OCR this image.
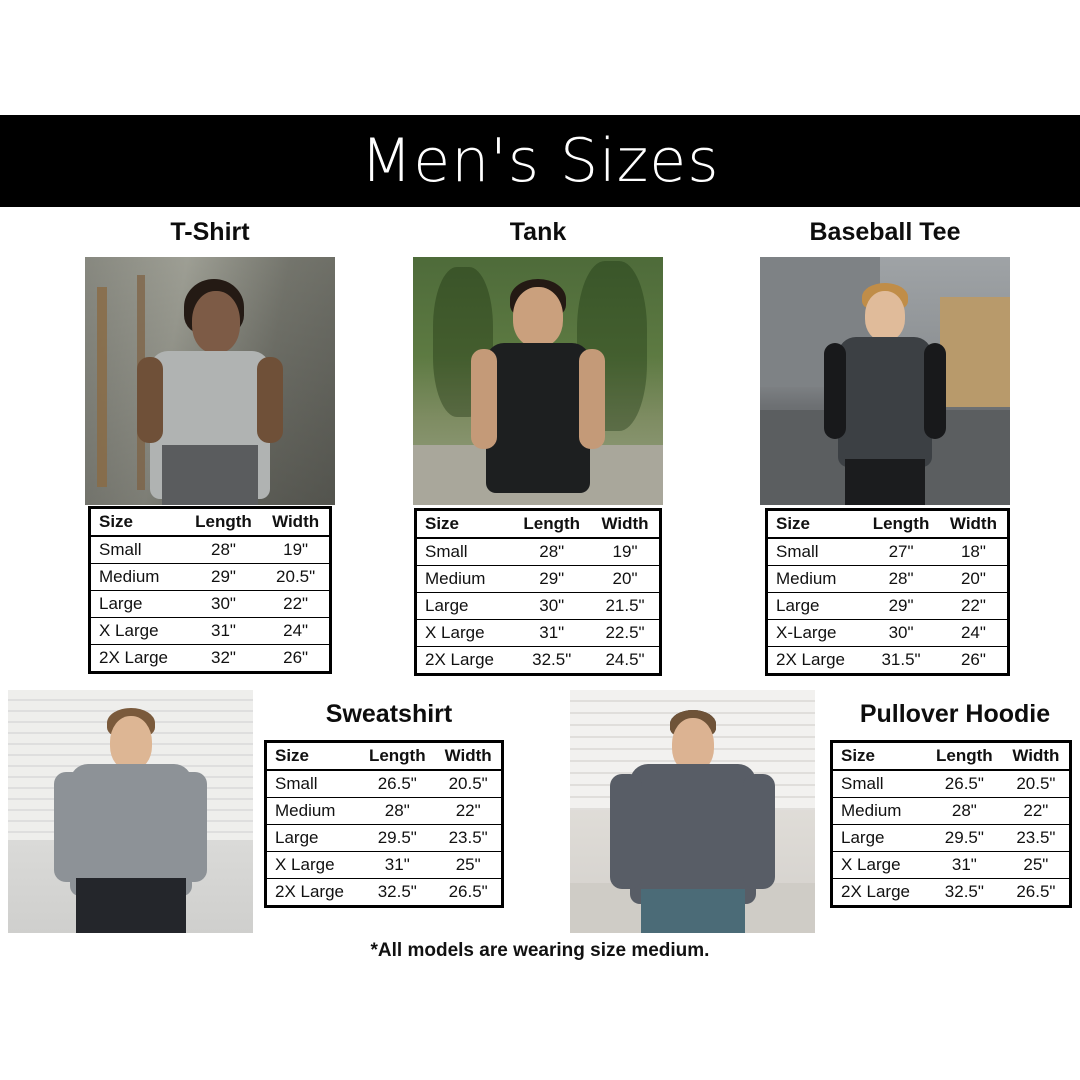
Men's Sizes
T-Shirt
Size	Length	Width
Small	28"	19"
Medium	29"	20.5"
Large	30"	22"
X Large	31"	24"
2X Large	32"	26"
Tank
Size	Length	Width
Small	28"	19"
Medium	29"	20"
Large	30"	21.5"
X Large	31"	22.5"
2X Large	32.5"	24.5"
Baseball Tee
Size	Length	Width
Small	27"	18"
Medium	28"	20"
Large	29"	22"
X-Large	30"	24"
2X Large	31.5"	26"
Sweatshirt
Size	Length	Width
Small	26.5"	20.5"
Medium	28"	22"
Large	29.5"	23.5"
X Large	31"	25"
2X Large	32.5"	26.5"
Pullover Hoodie
Size	Length	Width
Small	26.5"	20.5"
Medium	28"	22"
Large	29.5"	23.5"
X Large	31"	25"
2X Large	32.5"	26.5"
*All models are wearing size medium.
